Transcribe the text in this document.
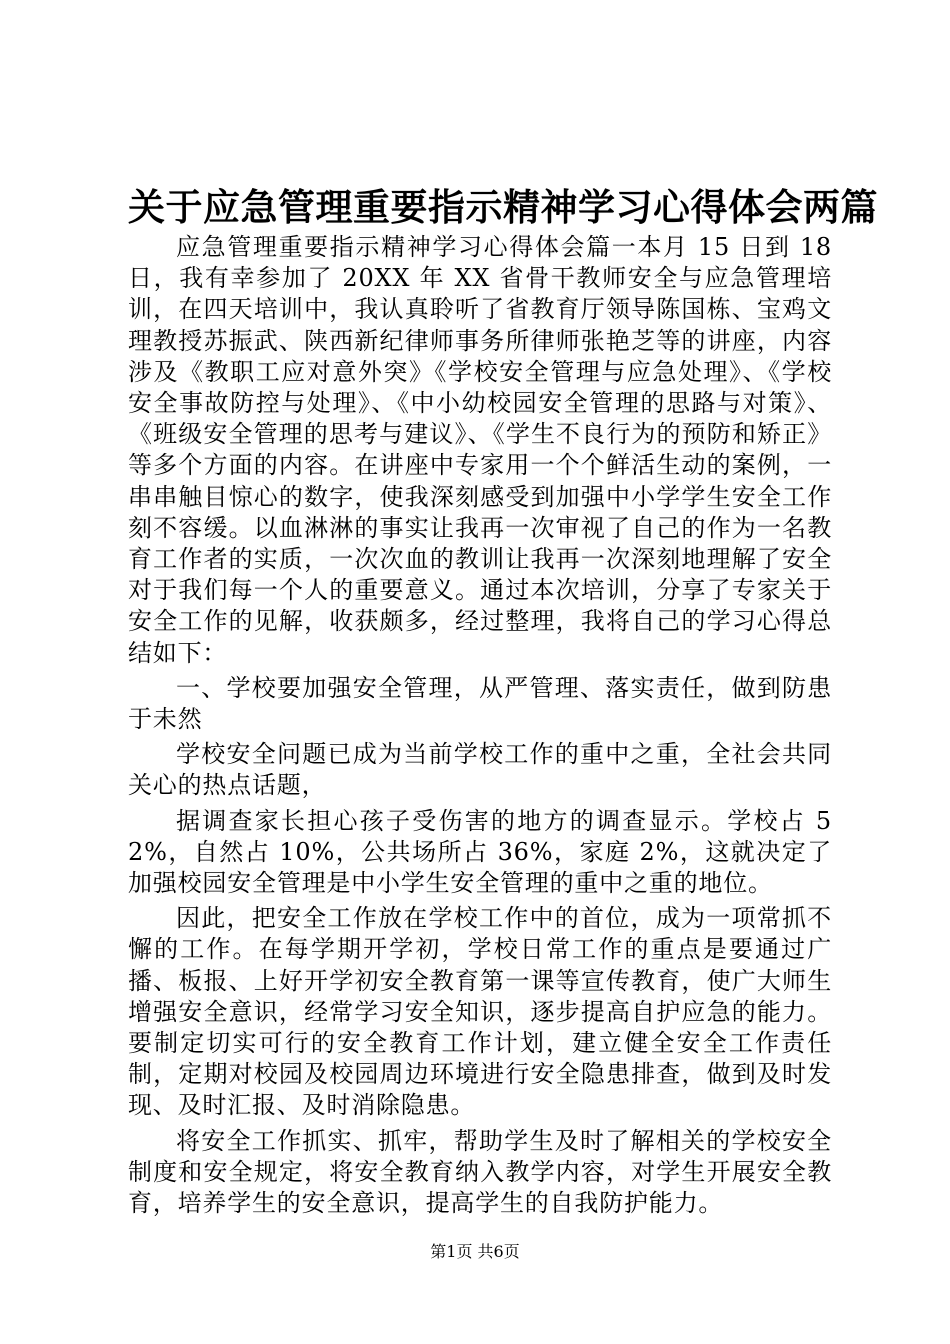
关于应急管理重要指示精神学习心得体会两篇

应急管理重要指示精神学习心得体会篇一本月 15 日到 18 日，我有幸参加了 20XX 年 XX 省骨干教师安全与应急管理培训，在四天培训中，我认真聆听了省教育厅领导陈国栋、宝鸡文理教授苏振武、陕西新纪律师事务所律师张艳芝等的讲座，内容涉及《教职工应对意外突》《学校安全管理与应急处理》、《学校安全事故防控与处理》、《中小幼校园安全管理的思路与对策》、《班级安全管理的思考与建议》、《学生不良行为的预防和矫正》等多个方面的内容。在讲座中专家用一个个鲜活生动的案例，一串串触目惊心的数字，使我深刻感受到加强中小学学生安全工作刻不容缓。以血淋淋的事实让我再一次审视了自己的作为一名教育工作者的实质，一次次血的教训让我再一次深刻地理解了安全对于我们每一个人的重要意义。通过本次培训，分享了专家关于安全工作的见解，收获颇多，经过整理，我将自己的学习心得总结如下：

一、学校要加强安全管理，从严管理、落实责任，做到防患于未然

学校安全问题已成为当前学校工作的重中之重，全社会共同关心的热点话题，

据调查家长担心孩子受伤害的地方的调查显示。学校占 52%，自然占 10%，公共场所占 36%，家庭 2%，这就决定了加强校园安全管理是中小学生安全管理的重中之重的地位。

因此，把安全工作放在学校工作中的首位，成为一项常抓不懈的工作。在每学期开学初，学校日常工作的重点是要通过广播、板报、上好开学初安全教育第一课等宣传教育，使广大师生增强安全意识，经常学习安全知识，逐步提高自护应急的能力。要制定切实可行的安全教育工作计划，建立健全安全工作责任制，定期对校园及校园周边环境进行安全隐患排查，做到及时发现、及时汇报、及时消除隐患。

将安全工作抓实、抓牢，帮助学生及时了解相关的学校安全制度和安全规定，将安全教育纳入教学内容，对学生开展安全教育，培养学生的安全意识，提高学生的自我防护能力。

第1页 共6页
